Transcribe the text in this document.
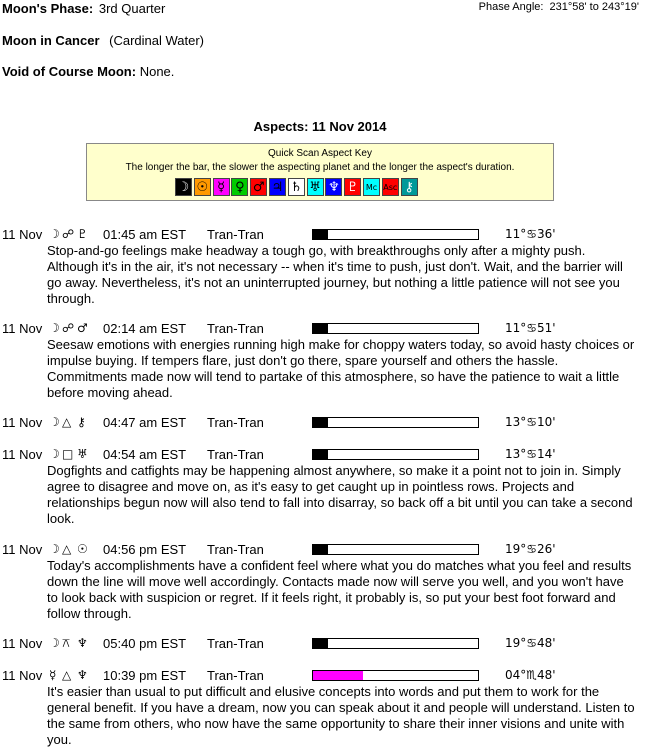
Moon's Phase: 3rd Quarter	Phase Angle: 231°58' to 243°19'
Moon in Cancer (Cardinal Water)
Void of Course Moon: None.
Aspects: 11 Nov 2014
Quick Scan Aspect Key
The longer the bar, the slower the aspecting planet and the longer the aspect's duration.
☽ ☉ ☿ ♀ ♂ ♃ ♄ ♅ ♆ ♇ Mc Asc ⚷
11 Nov ☽ ☍ ♇ 01:45 am EST Tran-Tran	11°♋36'
Stop-and-go feelings make headway a tough go, with breakthroughs only after a mighty push. Although it's in the air, it's not necessary -- when it's time to push, just don't. Wait, and the barrier will go away. Nevertheless, it's not an uninterrupted journey, but nothing a little patience will not see you through.
11 Nov ☽ ☍ ♂ 02:14 am EST Tran-Tran	11°♋51'
Seesaw emotions with energies running high make for choppy waters today, so avoid hasty choices or impulse buying. If tempers flare, just don't go there, spare yourself and others the hassle. Commitments made now will tend to partake of this atmosphere, so have the patience to wait a little before moving ahead.
11 Nov ☽ △ ⚷ 04:47 am EST Tran-Tran	13°♋10'
11 Nov ☽ □ ♅ 04:54 am EST Tran-Tran	13°♋14'
Dogfights and catfights may be happening almost anywhere, so make it a point not to join in. Simply agree to disagree and move on, as it's easy to get caught up in pointless rows. Projects and relationships begun now will also tend to fall into disarray, so back off a bit until you can take a second look.
11 Nov ☽ △ ☉ 04:56 pm EST Tran-Tran	19°♋26'
Today's accomplishments have a confident feel where what you do matches what you feel and results down the line will move well accordingly. Contacts made now will serve you well, and you won't have to look back with suspicion or regret. If it feels right, it probably is, so put your best foot forward and follow through.
11 Nov ☽ ⚻ ♆ 05:40 pm EST Tran-Tran	19°♋48'
11 Nov ☿ △ ♆ 10:39 pm EST Tran-Tran	04°♏48'
It's easier than usual to put difficult and elusive concepts into words and put them to work for the general benefit. If you have a dream, now you can speak about it and people will understand. Listen to the same from others, who now have the same opportunity to share their inner visions and unite with you.
